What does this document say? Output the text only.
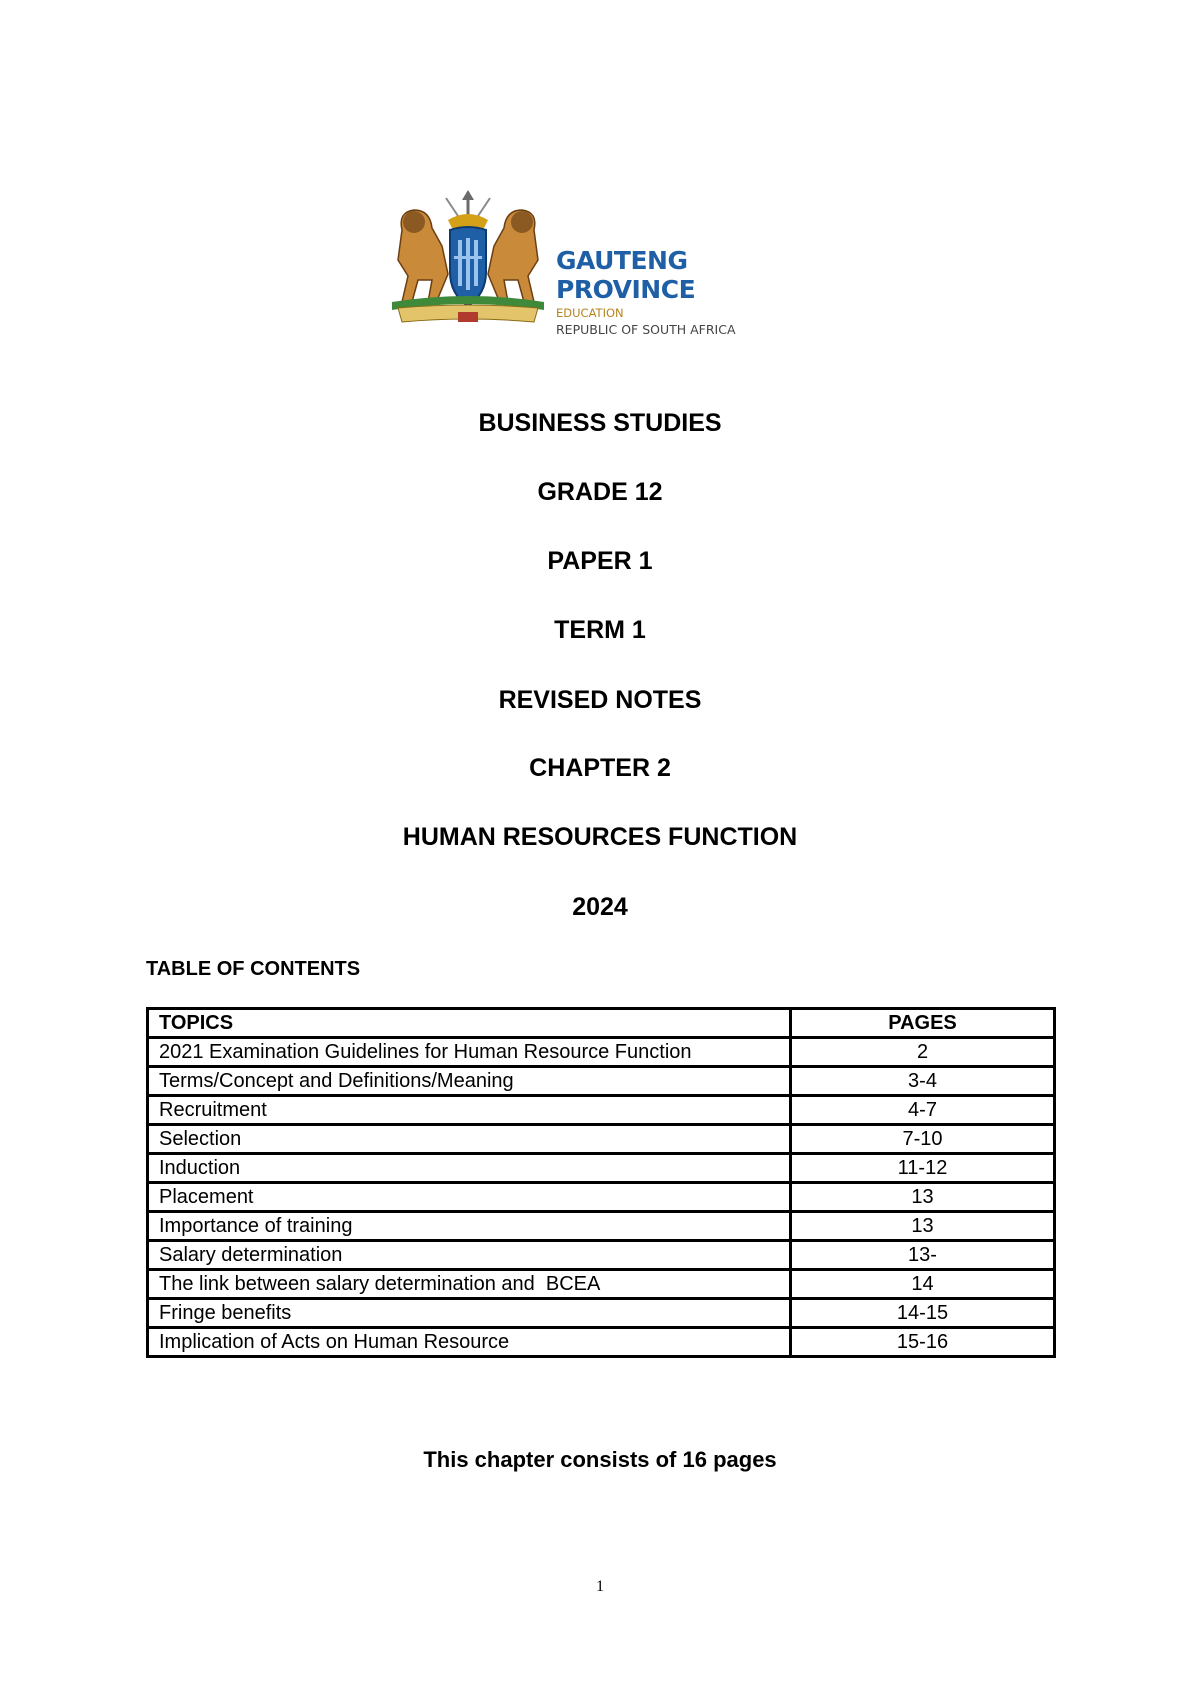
GAUTENG PROVINCE
EDUCATION
REPUBLIC OF SOUTH AFRICA
BUSINESS STUDIES
GRADE 12
PAPER 1
TERM 1
REVISED NOTES
CHAPTER 2
HUMAN RESOURCES FUNCTION
2024
TABLE OF CONTENTS
TOPICS	PAGES
2021 Examination Guidelines for Human Resource Function	2
Terms/Concept and Definitions/Meaning	3-4
Recruitment	4-7
Selection	7-10
Induction	11-12
Placement	13
Importance of training	13
Salary determination	13-
The link between salary determination and  BCEA	14
Fringe benefits	14-15
Implication of Acts on Human Resource	15-16
This chapter consists of 16 pages
1
